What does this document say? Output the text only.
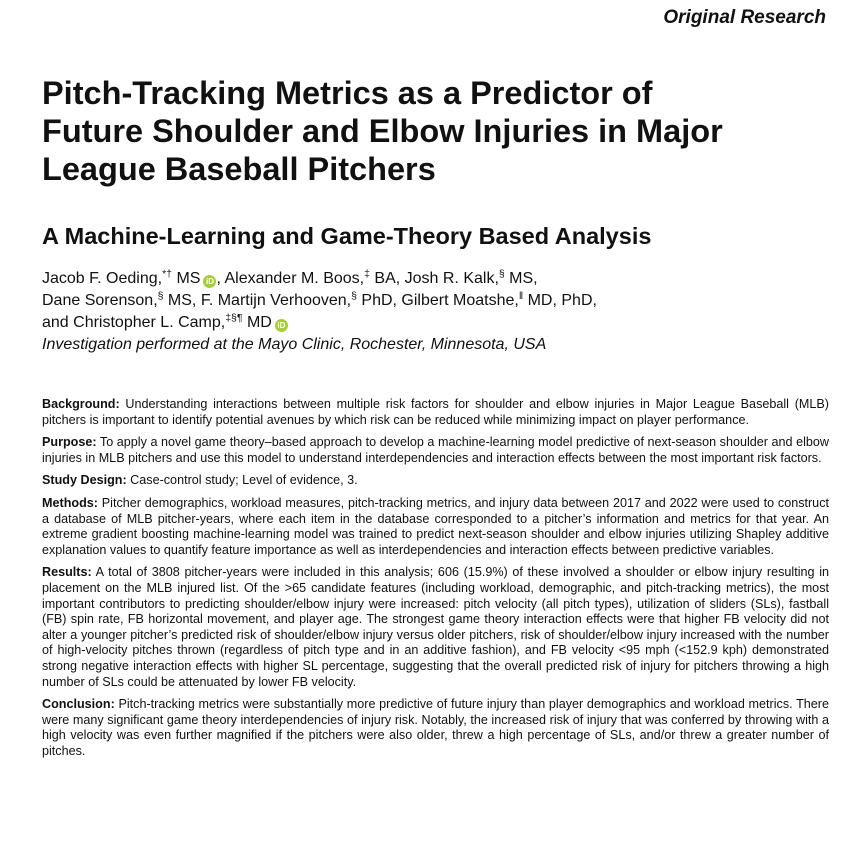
Original Research
Pitch-Tracking Metrics as a Predictor of
Future Shoulder and Elbow Injuries in Major
League Baseball Pitchers
A Machine-Learning and Game-Theory Based Analysis
Jacob F. Oeding,*† MS iD , Alexander M. Boos,‡ BA, Josh R. Kalk,§ MS,
Dane Sorenson,§ MS, F. Martijn Verhooven,§ PhD, Gilbert Moatshe,$^ǁ$ MD, PhD,
and Christopher L. Camp,‡§¶ MD iD
Investigation performed at the Mayo Clinic, Rochester, Minnesota, USA

Background: Understanding interactions between multiple risk factors for shoulder and elbow injuries in Major League Baseball (MLB) pitchers is important to identify potential avenues by which risk can be reduced while minimizing impact on player performance.

Purpose: To apply a novel game theory–based approach to develop a machine-learning model predictive of next-season shoulder and elbow injuries in MLB pitchers and use this model to understand interdependencies and interaction effects between the most important risk factors.

Study Design: Case-control study; Level of evidence, 3.

Methods: Pitcher demographics, workload measures, pitch-tracking metrics, and injury data between 2017 and 2022 were used to construct a database of MLB pitcher-years, where each item in the database corresponded to a pitcher’s information and metrics for that year. An extreme gradient boosting machine-learning model was trained to predict next-season shoulder and elbow injuries utilizing Shapley additive explanation values to quantify feature importance as well as interdependencies and interaction effects between predictive variables.

Results: A total of 3808 pitcher-years were included in this analysis; 606 (15.9%) of these involved a shoulder or elbow injury resulting in placement on the MLB injured list. Of the >65 candidate features (including workload, demographic, and pitch-tracking metrics), the most important contributors to predicting shoulder/elbow injury were increased: pitch velocity (all pitch types), utilization of sliders (SLs), fastball (FB) spin rate, FB horizontal movement, and player age. The strongest game theory interaction effects were that higher FB velocity did not alter a younger pitcher’s predicted risk of shoulder/elbow injury versus older pitchers, risk of shoulder/elbow injury increased with the number of high-velocity pitches thrown (regardless of pitch type and in an additive fashion), and FB velocity <95 mph (<152.9 kph) demonstrated strong negative interaction effects with higher SL percentage, suggesting that the overall predicted risk of injury for pitchers throwing a high number of SLs could be attenuated by lower FB velocity.

Conclusion: Pitch-tracking metrics were substantially more predictive of future injury than player demographics and workload metrics. There were many significant game theory interdependencies of injury risk. Notably, the increased risk of injury that was conferred by throwing with a high velocity was even further magnified if the pitchers were also older, threw a high percentage of SLs, and/or threw a greater number of pitches.
